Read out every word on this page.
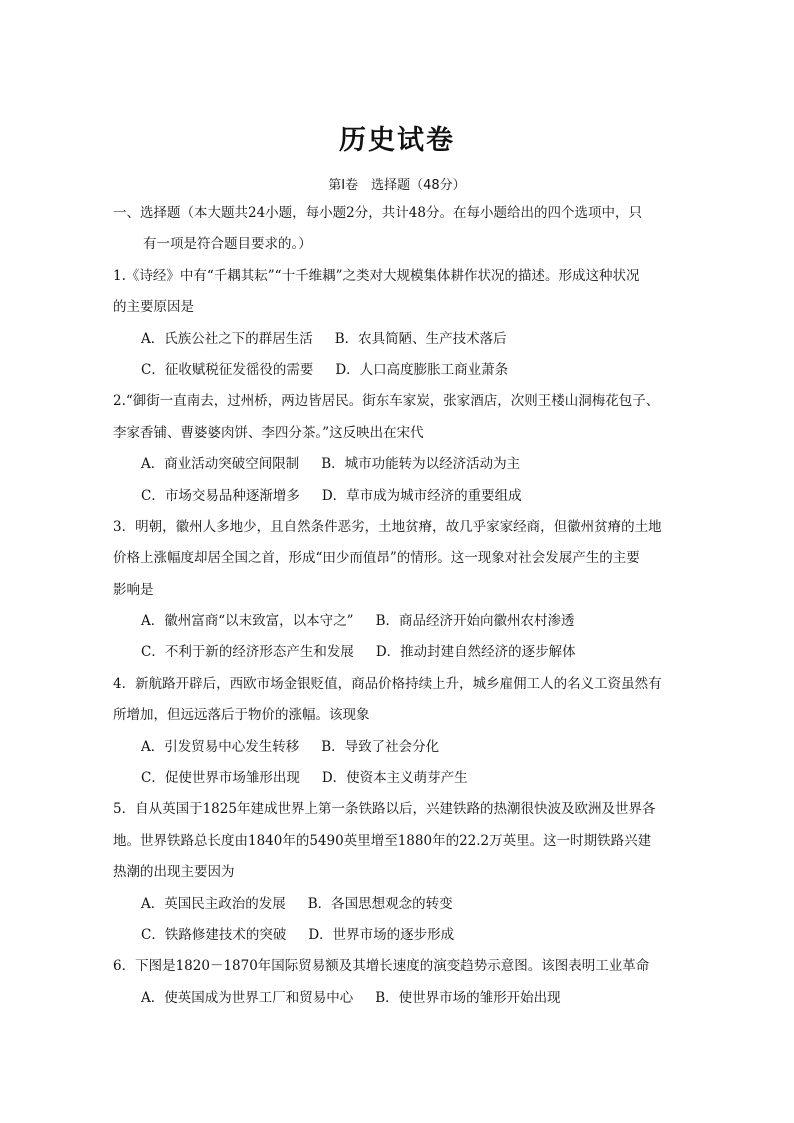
历史试卷
第Ⅰ卷　选择题（48分）
一、选择题（本大题共24小题，每小题2分，共计48分。在每小题给出的四个选项中，只
有一项是符合题目要求的。）
1.《诗经》中有“千耦其耘”“十千维耦”之类对大规模集体耕作状况的描述。形成这种状况
的主要原因是
A．氏族公社之下的群居生活 B．农具简陋、生产技术落后
C．征收赋税征发徭役的需要 D．人口高度膨胀工商业萧条
2.“御街一直南去，过州桥，两边皆居民。街东车家炭，张家酒店，次则王楼山洞梅花包子、
李家香铺、曹婆婆肉饼、李四分茶。”这反映出在宋代
A．商业活动突破空间限制 B．城市功能转为以经济活动为主
C．市场交易品种逐渐增多 D．草市成为城市经济的重要组成
3．明朝，徽州人多地少，且自然条件恶劣，土地贫瘠，故几乎家家经商，但徽州贫瘠的土地
价格上涨幅度却居全国之首，形成“田少而值昂”的情形。这一现象对社会发展产生的主要
影响是
A．徽州富商“以末致富，以本守之” B．商品经济开始向徽州农村渗透
C．不利于新的经济形态产生和发展 D．推动封建自然经济的逐步解体
4．新航路开辟后，西欧市场金银贬值，商品价格持续上升，城乡雇佣工人的名义工资虽然有
所增加，但远远落后于物价的涨幅。该现象
A．引发贸易中心发生转移 B．导致了社会分化
C．促使世界市场雏形出现 D．使资本主义萌芽产生
5．自从英国于1825年建成世界上第一条铁路以后，兴建铁路的热潮很快波及欧洲及世界各
地。世界铁路总长度由1840年的5490英里增至1880年的22.2万英里。这一时期铁路兴建
热潮的出现主要因为
A．英国民主政治的发展 B．各国思想观念的转变
C．铁路修建技术的突破 D．世界市场的逐步形成
6．下图是1820－1870年国际贸易额及其增长速度的演变趋势示意图。该图表明工业革命
A．使英国成为世界工厂和贸易中心 B．使世界市场的雏形开始出现
